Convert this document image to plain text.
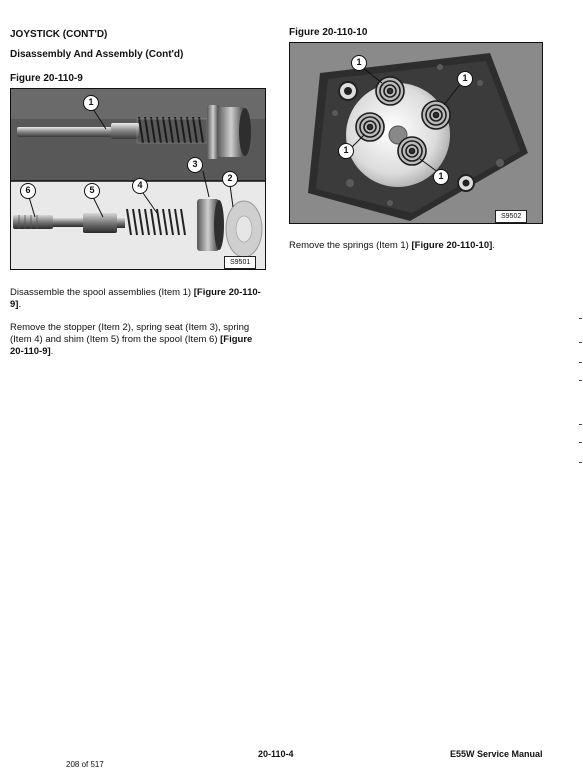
JOYSTICK (CONT'D)
Disassembly And Assembly (Cont'd)
Figure 20-110-9
1
2
3
4
5
6
S9501

Disassemble the spool assemblies (Item 1) [Figure 20-110-9].

Remove the stopper (Item 2), spring seat (Item 3), spring (Item 4) and shim (Item 5) from the spool (Item 6) [Figure 20-110-9].

Figure 20-110-10
1
1
1
1
S9502

Remove the springs (Item 1) [Figure 20-110-10].

20-110-4	E55W Service Manual
208 of 517
